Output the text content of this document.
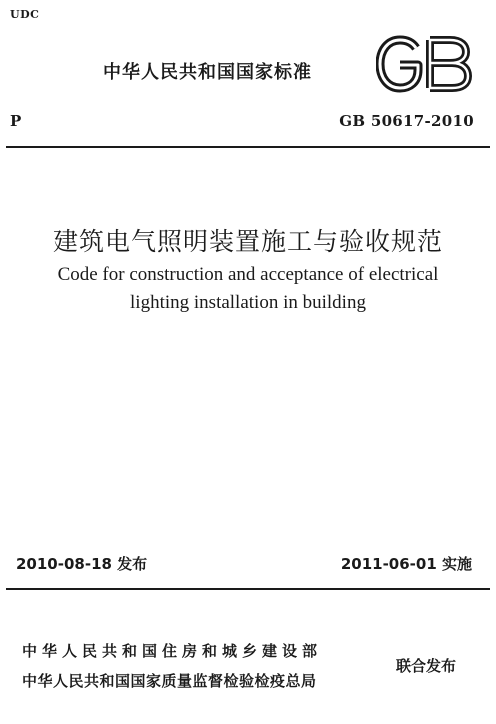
UDC
中华人民共和国国家标准
P	GB 50617-2010
建筑电气照明装置施工与验收规范
Code for construction and acceptance of electrical
lighting installation in building
2010-08-18 发布	2011-06-01 实施
中华人民共和国住房和城乡建设部
中华人民共和国国家质量监督检验检疫总局
联合发布
